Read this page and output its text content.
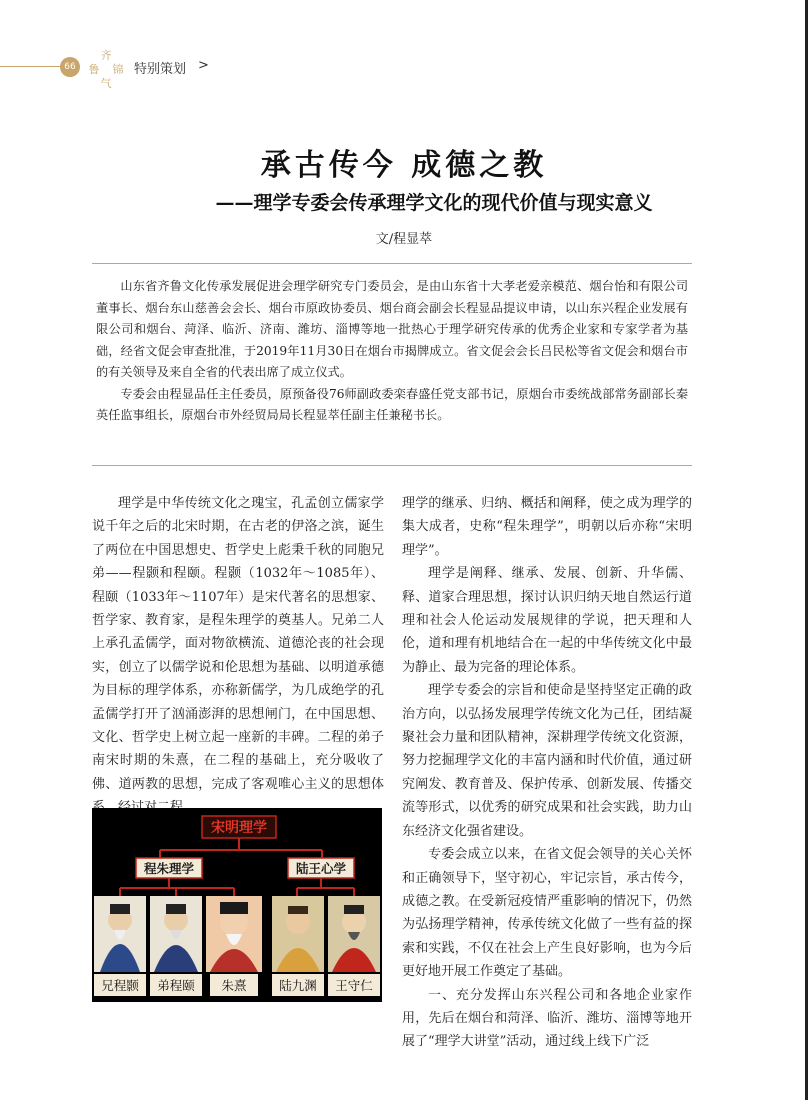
66
齐
鲁 锦
气
特别策划 >
承古传今 成德之教
——理学专委会传承理学文化的现代价值与现实意义
文/程显萃

山东省齐鲁文化传承发展促进会理学研究专门委员会，是由山东省十大孝老爱亲模范、烟台怡和有限公司董事长、烟台东山慈善会会长、烟台市原政协委员、烟台商会副会长程显品提议申请，以山东兴程企业发展有限公司和烟台、菏泽、临沂、济南、潍坊、淄博等地一批热心于理学研究传承的优秀企业家和专家学者为基础，经省文促会审查批准，于2019年11月30日在烟台市揭牌成立。省文促会会长吕民松等省文促会和烟台市的有关领导及来自全省的代表出席了成立仪式。

专委会由程显品任主任委员，原预备役76师副政委栾春盛任党支部书记，原烟台市委统战部常务副部长秦英任监事组长，原烟台市外经贸局局长程显萃任副主任兼秘书长。

理学是中华传统文化之瑰宝，孔孟创立儒家学说千年之后的北宋时期，在古老的伊洛之滨，诞生了两位在中国思想史、哲学史上彪秉千秋的同胞兄弟——程颢和程颐。程颢（1032年～1085年）、程颐（1033年～1107年）是宋代著名的思想家、哲学家、教育家，是程朱理学的奠基人。兄弟二人上承孔孟儒学，面对物欲横流、道德沦丧的社会现实，创立了以儒学说和伦思想为基础、以明道承德为目标的理学体系，亦称新儒学，为几成绝学的孔孟儒学打开了汹涌澎湃的思想闸门，在中国思想、文化、哲学史上树立起一座新的丰碑。二程的弟子南宋时期的朱熹，在二程的基础上，充分吸收了佛、道两教的思想，完成了客观唯心主义的思想体

宋明理学
程朱理学	陆王心学
兄程颢 弟程颐 朱熹	陆九渊 王守仁

理学的继承、归纳、概括和阐释，使之成为理学的集大成者，史称“程朱理学”，明朝以后亦称“宋明理学”。

理学是阐释、继承、发展、创新、升华儒、释、道家合理思想，探讨认识归纳天地自然运行道理和社会人伦运动发展规律的学说，把天理和人伦，道和理有机地结合在一起的中华传统文化中最为静止、最为完备的理论体系。

理学专委会的宗旨和使命是坚持坚定正确的政治方向，以弘扬发展理学传统文化为己任，团结凝聚社会力量和团队精神，深耕理学传统文化资源，努力挖掘理学文化的丰富内涵和时代价值，通过研究阐发、教育普及、保护传承、创新发展、传播交流等形式，以优秀的研究成果和社会实践，助力山东经济文化强省建设。

专委会成立以来，在省文促会领导的关心关怀和正确领导下，坚守初心，牢记宗旨，承古传今，成德之教。在受新冠疫情严重影响的情况下，仍然为弘扬理学精神，传承传统文化做了一些有益的探索和实践，不仅在社会上产生良好影响，也为今后更好地开展工作奠定了基础。

一、充分发挥山东兴程公司和各地企业家作用，先后在烟台和菏泽、临沂、潍坊、淄博等地开展了“理学大讲堂”活动，通过线上线下广泛
